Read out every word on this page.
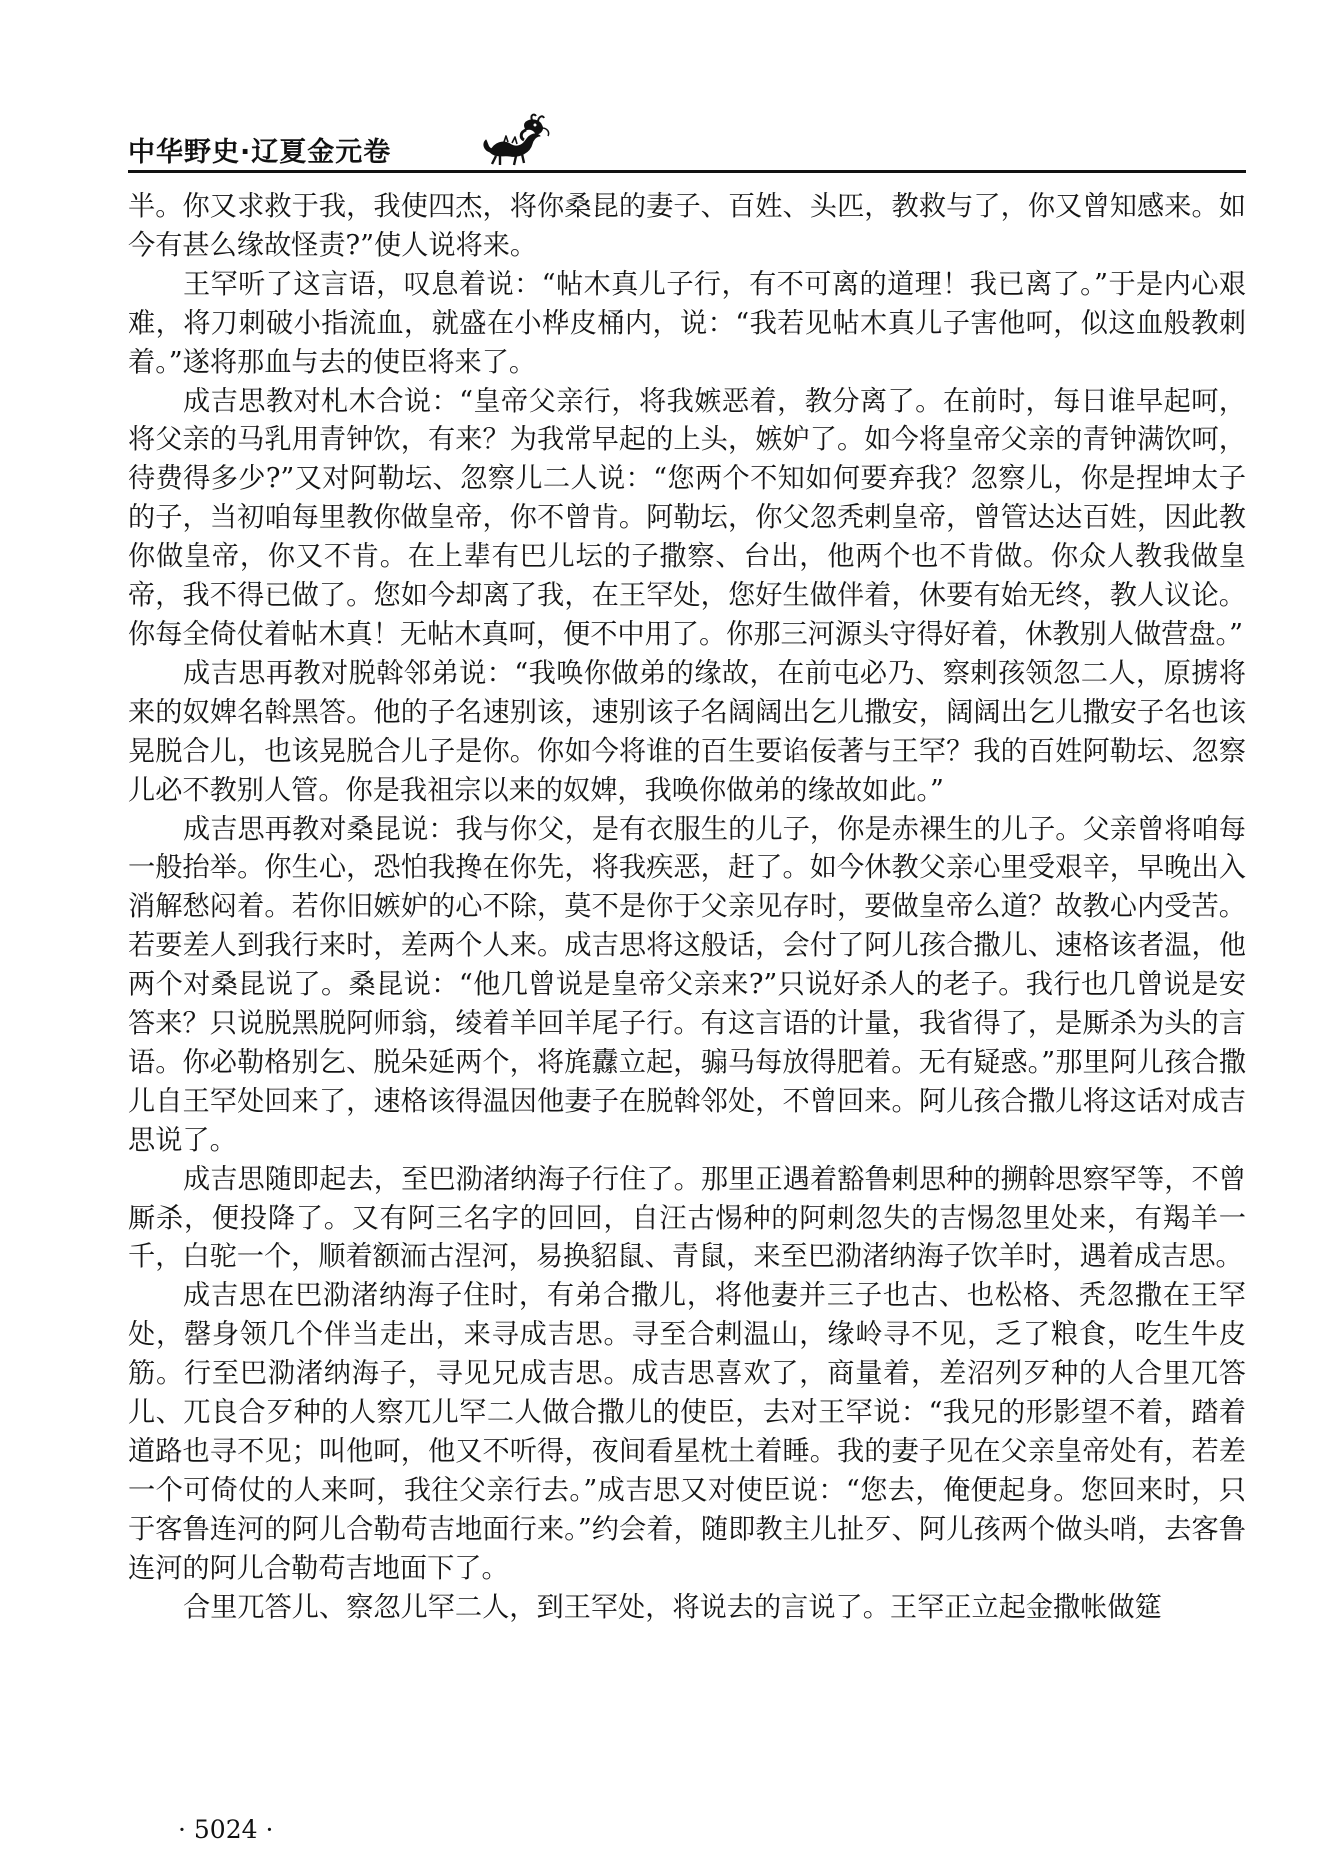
中华野史·辽夏金元卷

半。你又求救于我，我使四杰，将你桑昆的妻子、百姓、头匹，教救与了，你又曾知感来。如今有甚么缘故怪责?”使人说将来。

王罕听了这言语，叹息着说：“帖木真儿子行，有不可离的道理！我已离了。”于是内心艰难，将刀刺破小指流血，就盛在小桦皮桶内，说：“我若见帖木真儿子害他呵，似这血般教刺着。”遂将那血与去的使臣将来了。

成吉思教对札木合说：“皇帝父亲行，将我嫉恶着，教分离了。在前时，每日谁早起呵，将父亲的马乳用青钟饮，有来？为我常早起的上头，嫉妒了。如今将皇帝父亲的青钟满饮呵，待费得多少?”又对阿勒坛、忽察儿二人说：“您两个不知如何要弃我？忽察儿，你是捏坤太子的子，当初咱每里教你做皇帝，你不曾肯。阿勒坛，你父忽秃剌皇帝，曾管达达百姓，因此教你做皇帝，你又不肯。在上辈有巴儿坛的子撒察、台出，他两个也不肯做。你众人教我做皇帝，我不得已做了。您如今却离了我，在王罕处，您好生做伴着，休要有始无终，教人议论。你每全倚仗着帖木真！无帖木真呵，便不中用了。你那三河源头守得好着，休教别人做营盘。”

成吉思再教对脱斡邻弟说：“我唤你做弟的缘故，在前屯必乃、察剌孩领忽二人，原掳将来的奴婢名斡黑答。他的子名速别该，速别该子名阔阔出乞儿撒安，阔阔出乞儿撒安子名也该晃脱合儿，也该晃脱合儿子是你。你如今将谁的百生要谄佞著与王罕？我的百姓阿勒坛、忽察儿必不教别人管。你是我祖宗以来的奴婢，我唤你做弟的缘故如此。”

成吉思再教对桑昆说：我与你父，是有衣服生的儿子，你是赤裸生的儿子。父亲曾将咱每一般抬举。你生心，恐怕我搀在你先，将我疾恶，赶了。如今休教父亲心里受艰辛，早晚出入消解愁闷着。若你旧嫉妒的心不除，莫不是你于父亲见存时，要做皇帝么道？故教心内受苦。若要差人到我行来时，差两个人来。成吉思将这般话，会付了阿儿孩合撒儿、速格该者温，他两个对桑昆说了。桑昆说：“他几曾说是皇帝父亲来?”只说好杀人的老子。我行也几曾说是安答来？只说脱黑脱阿师翁，绫着羊回羊尾子行。有这言语的计量，我省得了，是厮杀为头的言语。你必勒格别乞、脱朵延两个，将旄纛立起，骟马每放得肥着。无有疑惑。”那里阿儿孩合撒儿自王罕处回来了，速格该得温因他妻子在脱斡邻处，不曾回来。阿儿孩合撒儿将这话对成吉思说了。

成吉思随即起去，至巴泐渚纳海子行住了。那里正遇着豁鲁剌思种的搠斡思察罕等，不曾厮杀，便投降了。又有阿三名字的回回，自汪古惕种的阿剌忽失的吉惕忽里处来，有羯羊一千，白驼一个，顺着额洏古涅河，易换貂鼠、青鼠，来至巴泐渚纳海子饮羊时，遇着成吉思。

成吉思在巴泐渚纳海子住时，有弟合撒儿，将他妻并三子也古、也松格、秃忽撒在王罕处，罄身领几个伴当走出，来寻成吉思。寻至合剌温山，缘岭寻不见，乏了粮食，吃生牛皮筋。行至巴泐渚纳海子，寻见兄成吉思。成吉思喜欢了，商量着，差沼列歹种的人合里兀答儿、兀良合歹种的人察兀儿罕二人做合撒儿的使臣，去对王罕说：“我兄的形影望不着，踏着道路也寻不见；叫他呵，他又不听得，夜间看星枕土着睡。我的妻子见在父亲皇帝处有，若差一个可倚仗的人来呵，我往父亲行去。”成吉思又对使臣说：“您去，俺便起身。您回来时，只于客鲁连河的阿儿合勒苟吉地面行来。”约会着，随即教主儿扯歹、阿儿孩两个做头哨，去客鲁连河的阿儿合勒苟吉地面下了。

合里兀答儿、察忽儿罕二人，到王罕处，将说去的言说了。王罕正立起金撒帐做筵

· 5024 ·
